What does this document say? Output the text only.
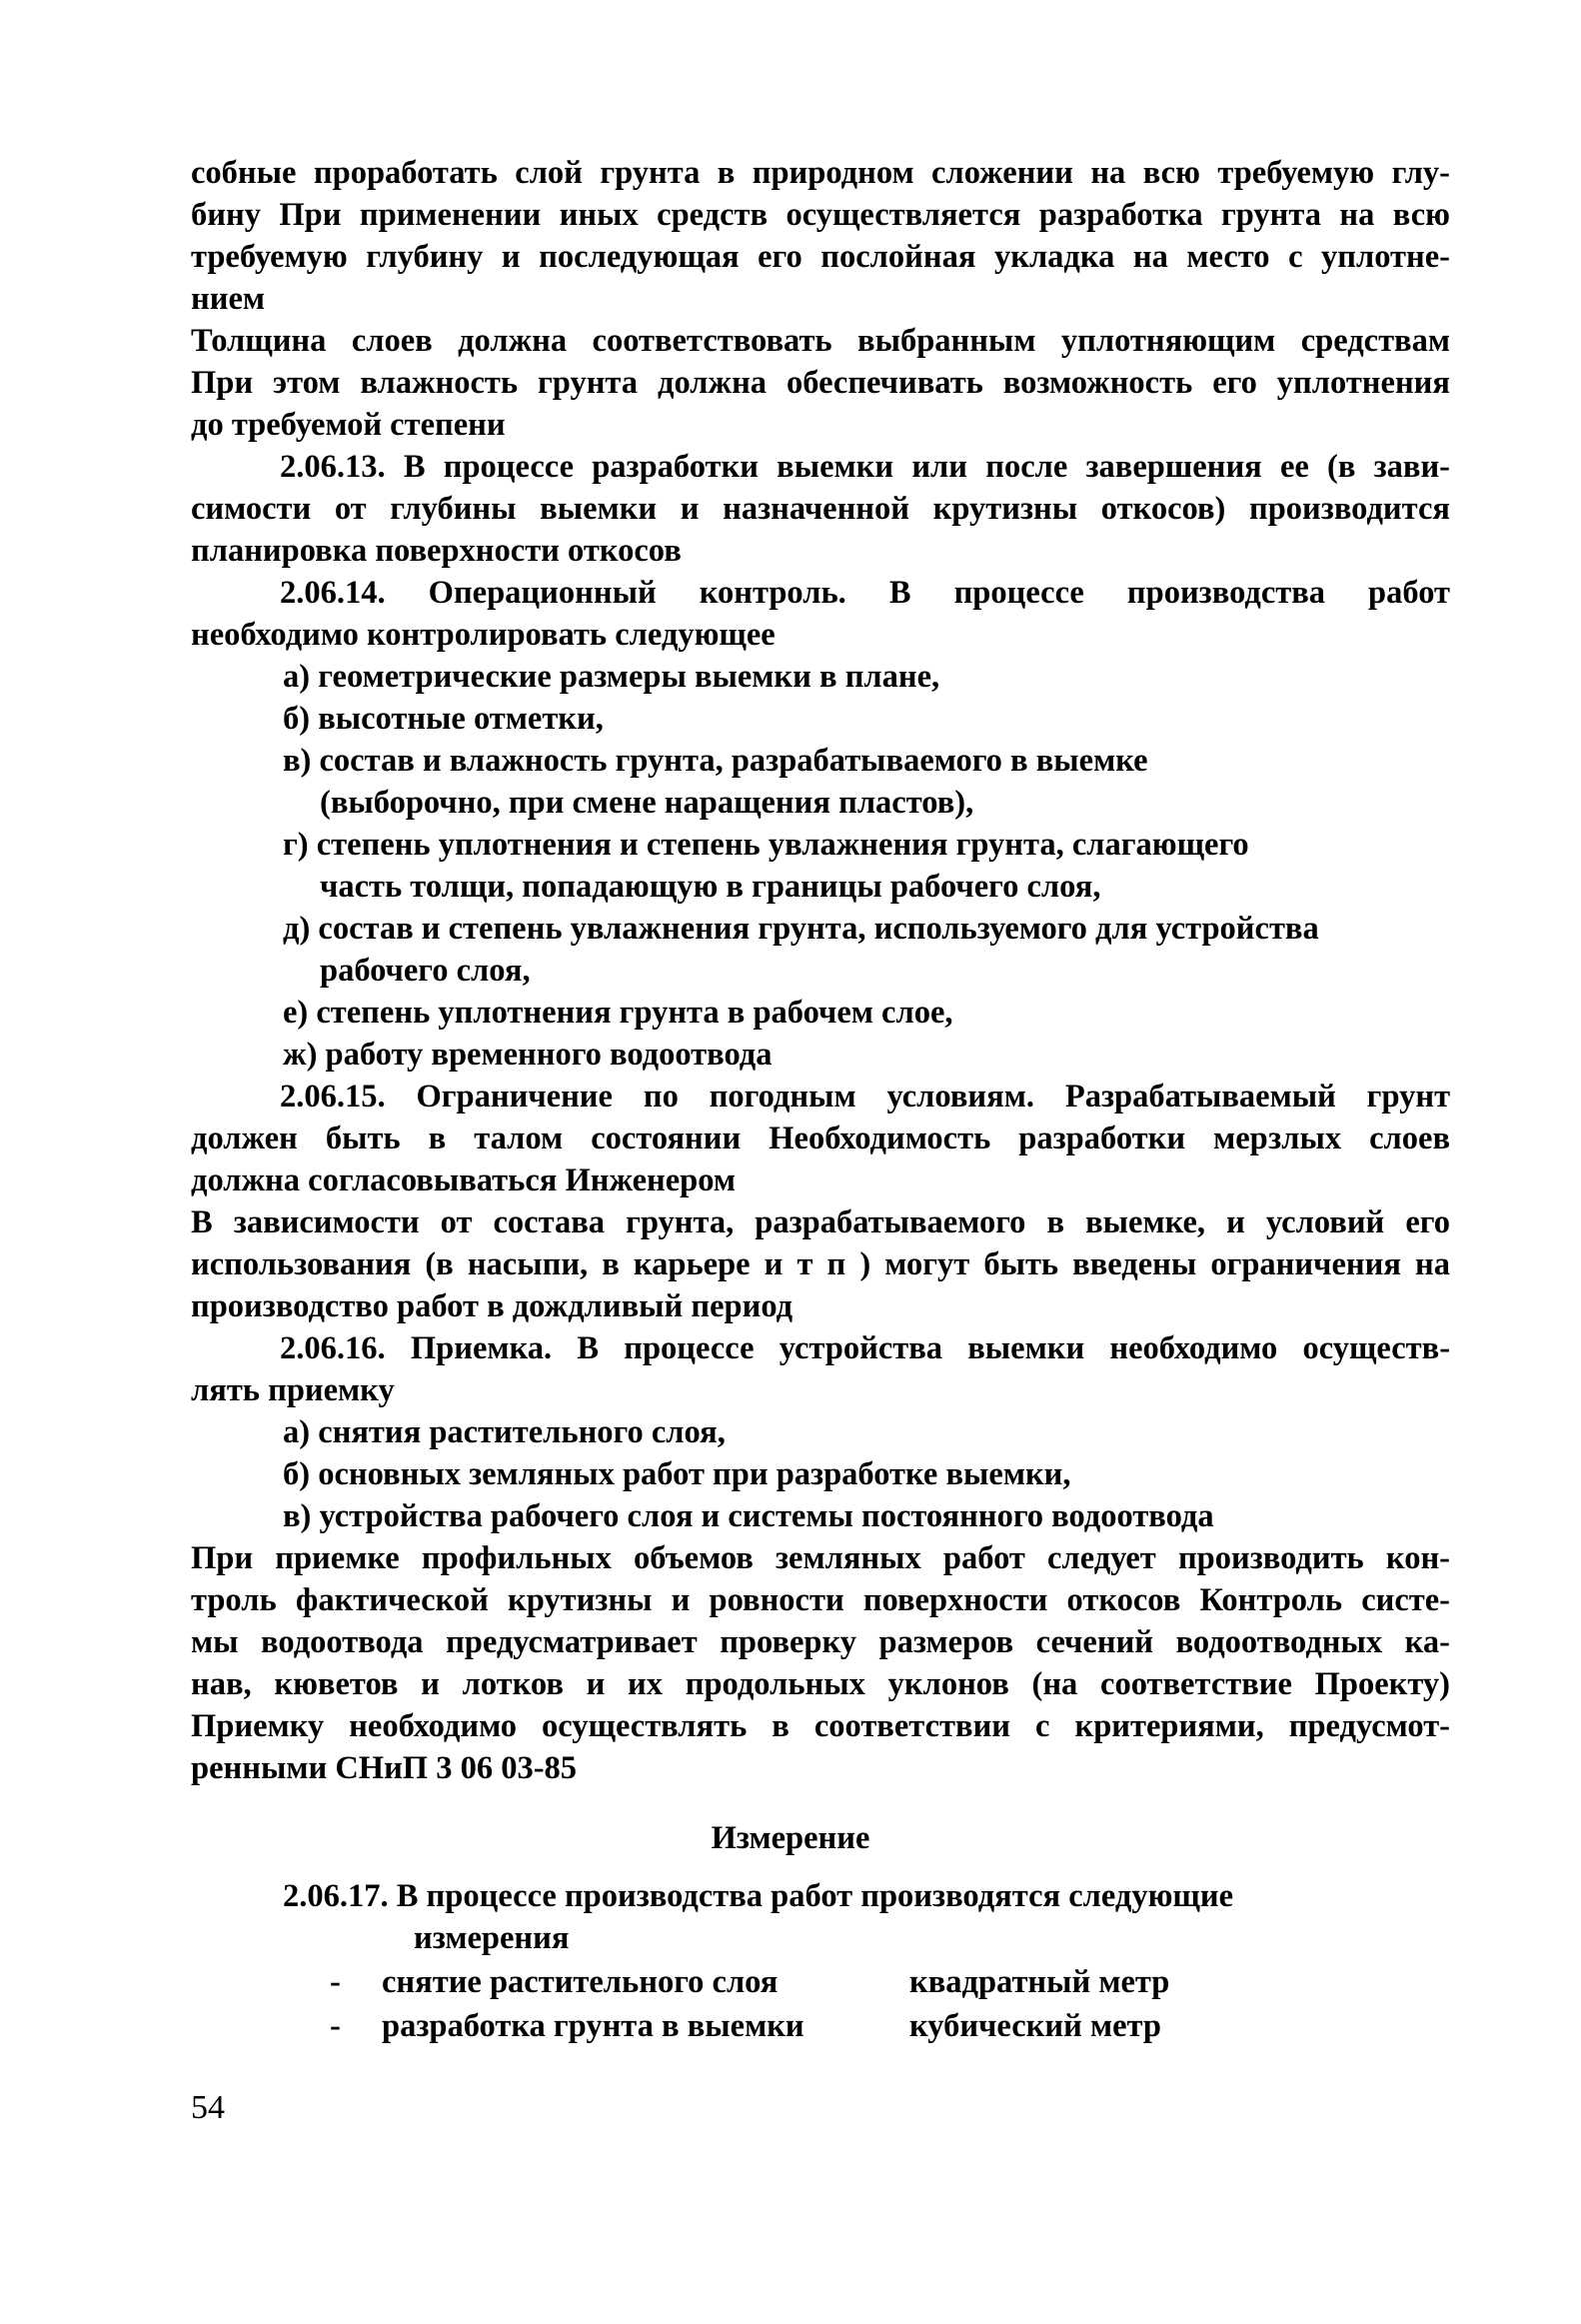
собные проработать слой грунта в природном сложении на всю требуемую глу-
бину При применении иных средств осуществляется разработка грунта на всю
требуемую глубину и последующая его послойная укладка на место с уплотне-
нием
Толщина слоев должна соответствовать выбранным уплотняющим средствам
При этом влажность грунта должна обеспечивать возможность его уплотнения
до требуемой степени
2.06.13. В процессе разработки выемки или после завершения ее (в зави-
симости от глубины выемки и назначенной крутизны откосов) производится
планировка поверхности откосов
2.06.14. Операционный контроль. В процессе производства работ
необходимо контролировать следующее
а) геометрические размеры выемки в плане,
б) высотные отметки,
в) состав и влажность грунта, разрабатываемого в выемке
(выборочно, при смене наращения пластов),
г) степень уплотнения и степень увлажнения грунта, слагающего
часть толщи, попадающую в границы рабочего слоя,
д) состав и степень увлажнения грунта, используемого для устройства
рабочего слоя,
е) степень уплотнения грунта в рабочем слое,
ж) работу временного водоотвода
2.06.15. Ограничение по погодным условиям. Разрабатываемый грунт
должен быть в талом состоянии Необходимость разработки мерзлых слоев
должна согласовываться Инженером
В зависимости от состава грунта, разрабатываемого в выемке, и условий его
использования (в насыпи, в карьере и т п ) могут быть введены ограничения на
производство работ в дождливый период
2.06.16. Приемка. В процессе устройства выемки необходимо осуществ-
лять приемку
а) снятия растительного слоя,
б) основных земляных работ при разработке выемки,
в) устройства рабочего слоя и системы постоянного водоотвода
При приемке профильных объемов земляных работ следует производить кон-
троль фактической крутизны и ровности поверхности откосов Контроль систе-
мы водоотвода предусматривает проверку размеров сечений водоотводных ка-
нав, кюветов и лотков и их продольных уклонов (на соответствие Проекту)
Приемку необходимо осуществлять в соответствии с критериями, предусмот-
ренными СНиП 3 06 03-85
Измерение
2.06.17. В процессе производства работ производятся следующие
измерения
- снятие растительного слоя	квадратный метр
- разработка грунта в выемки	кубический метр
54
